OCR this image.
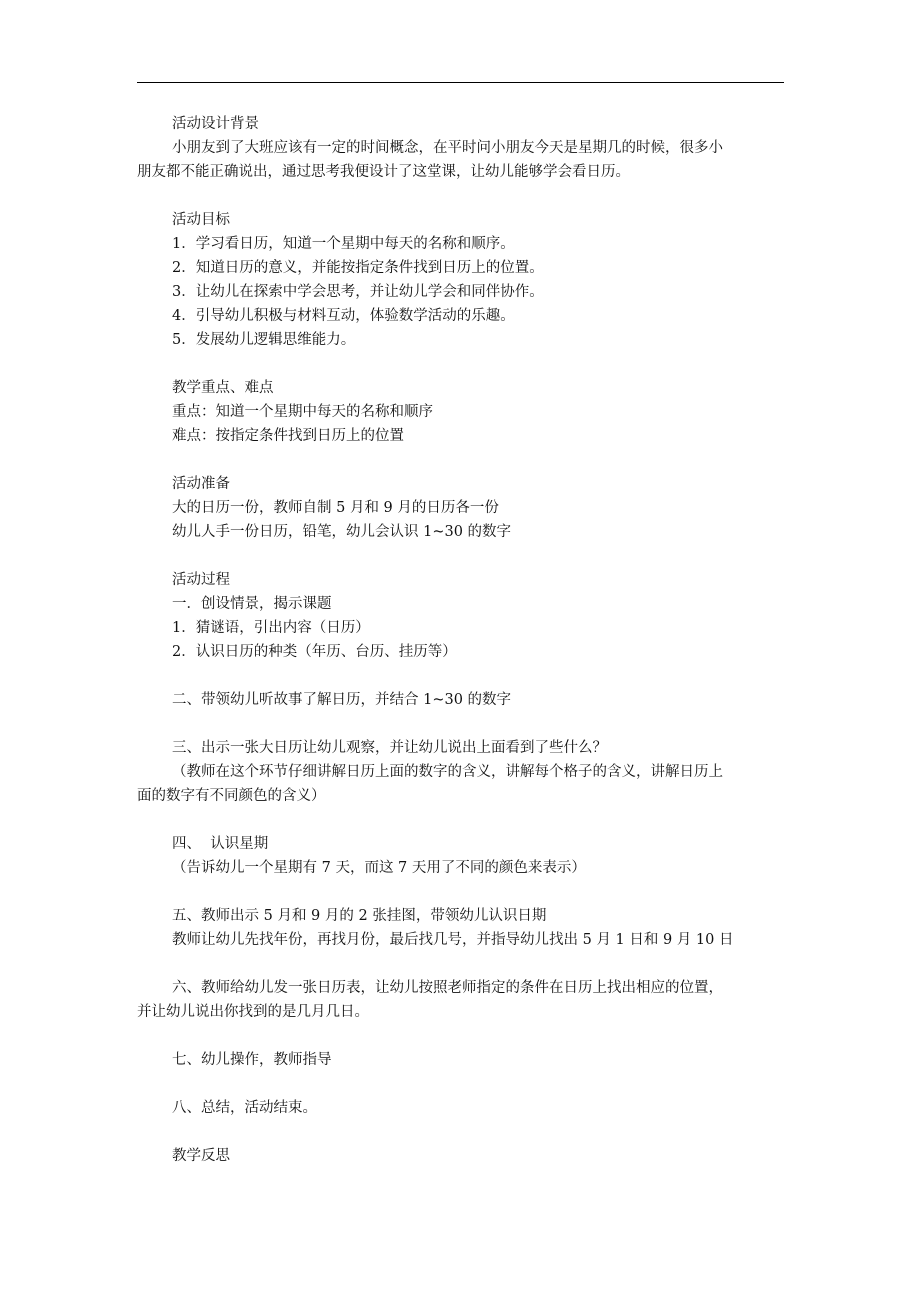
活动设计背景
小朋友到了大班应该有一定的时间概念，在平时问小朋友今天是星期几的时候，很多小
朋友都不能正确说出，通过思考我便设计了这堂课，让幼儿能够学会看日历。
活动目标
1．学习看日历，知道一个星期中每天的名称和顺序。
2．知道日历的意义，并能按指定条件找到日历上的位置。
3．让幼儿在探索中学会思考，并让幼儿学会和同伴协作。
4．引导幼儿积极与材料互动，体验数学活动的乐趣。
5．发展幼儿逻辑思维能力。
教学重点、难点
重点：知道一个星期中每天的名称和顺序
难点：按指定条件找到日历上的位置
活动准备
大的日历一份，教师自制 5 月和 9 月的日历各一份
幼儿人手一份日历，铅笔，幼儿会认识 1~30 的数字
活动过程
一．创设情景，揭示课题
1．猜谜语，引出内容（日历）
2．认识日历的种类（年历、台历、挂历等）
二、带领幼儿听故事了解日历，并结合 1~30 的数字
三、出示一张大日历让幼儿观察，并让幼儿说出上面看到了些什么？
（教师在这个环节仔细讲解日历上面的数字的含义，讲解每个格子的含义，讲解日历上
面的数字有不同颜色的含义）
四、  认识星期
（告诉幼儿一个星期有 7 天，而这 7 天用了不同的颜色来表示）
五、教师出示 5 月和 9 月的 2 张挂图，带领幼儿认识日期
教师让幼儿先找年份，再找月份，最后找几号，并指导幼儿找出 5 月 1 日和 9 月 10 日
六、教师给幼儿发一张日历表，让幼儿按照老师指定的条件在日历上找出相应的位置，
并让幼儿说出你找到的是几月几日。
七、幼儿操作，教师指导
八、总结，活动结束。
教学反思
